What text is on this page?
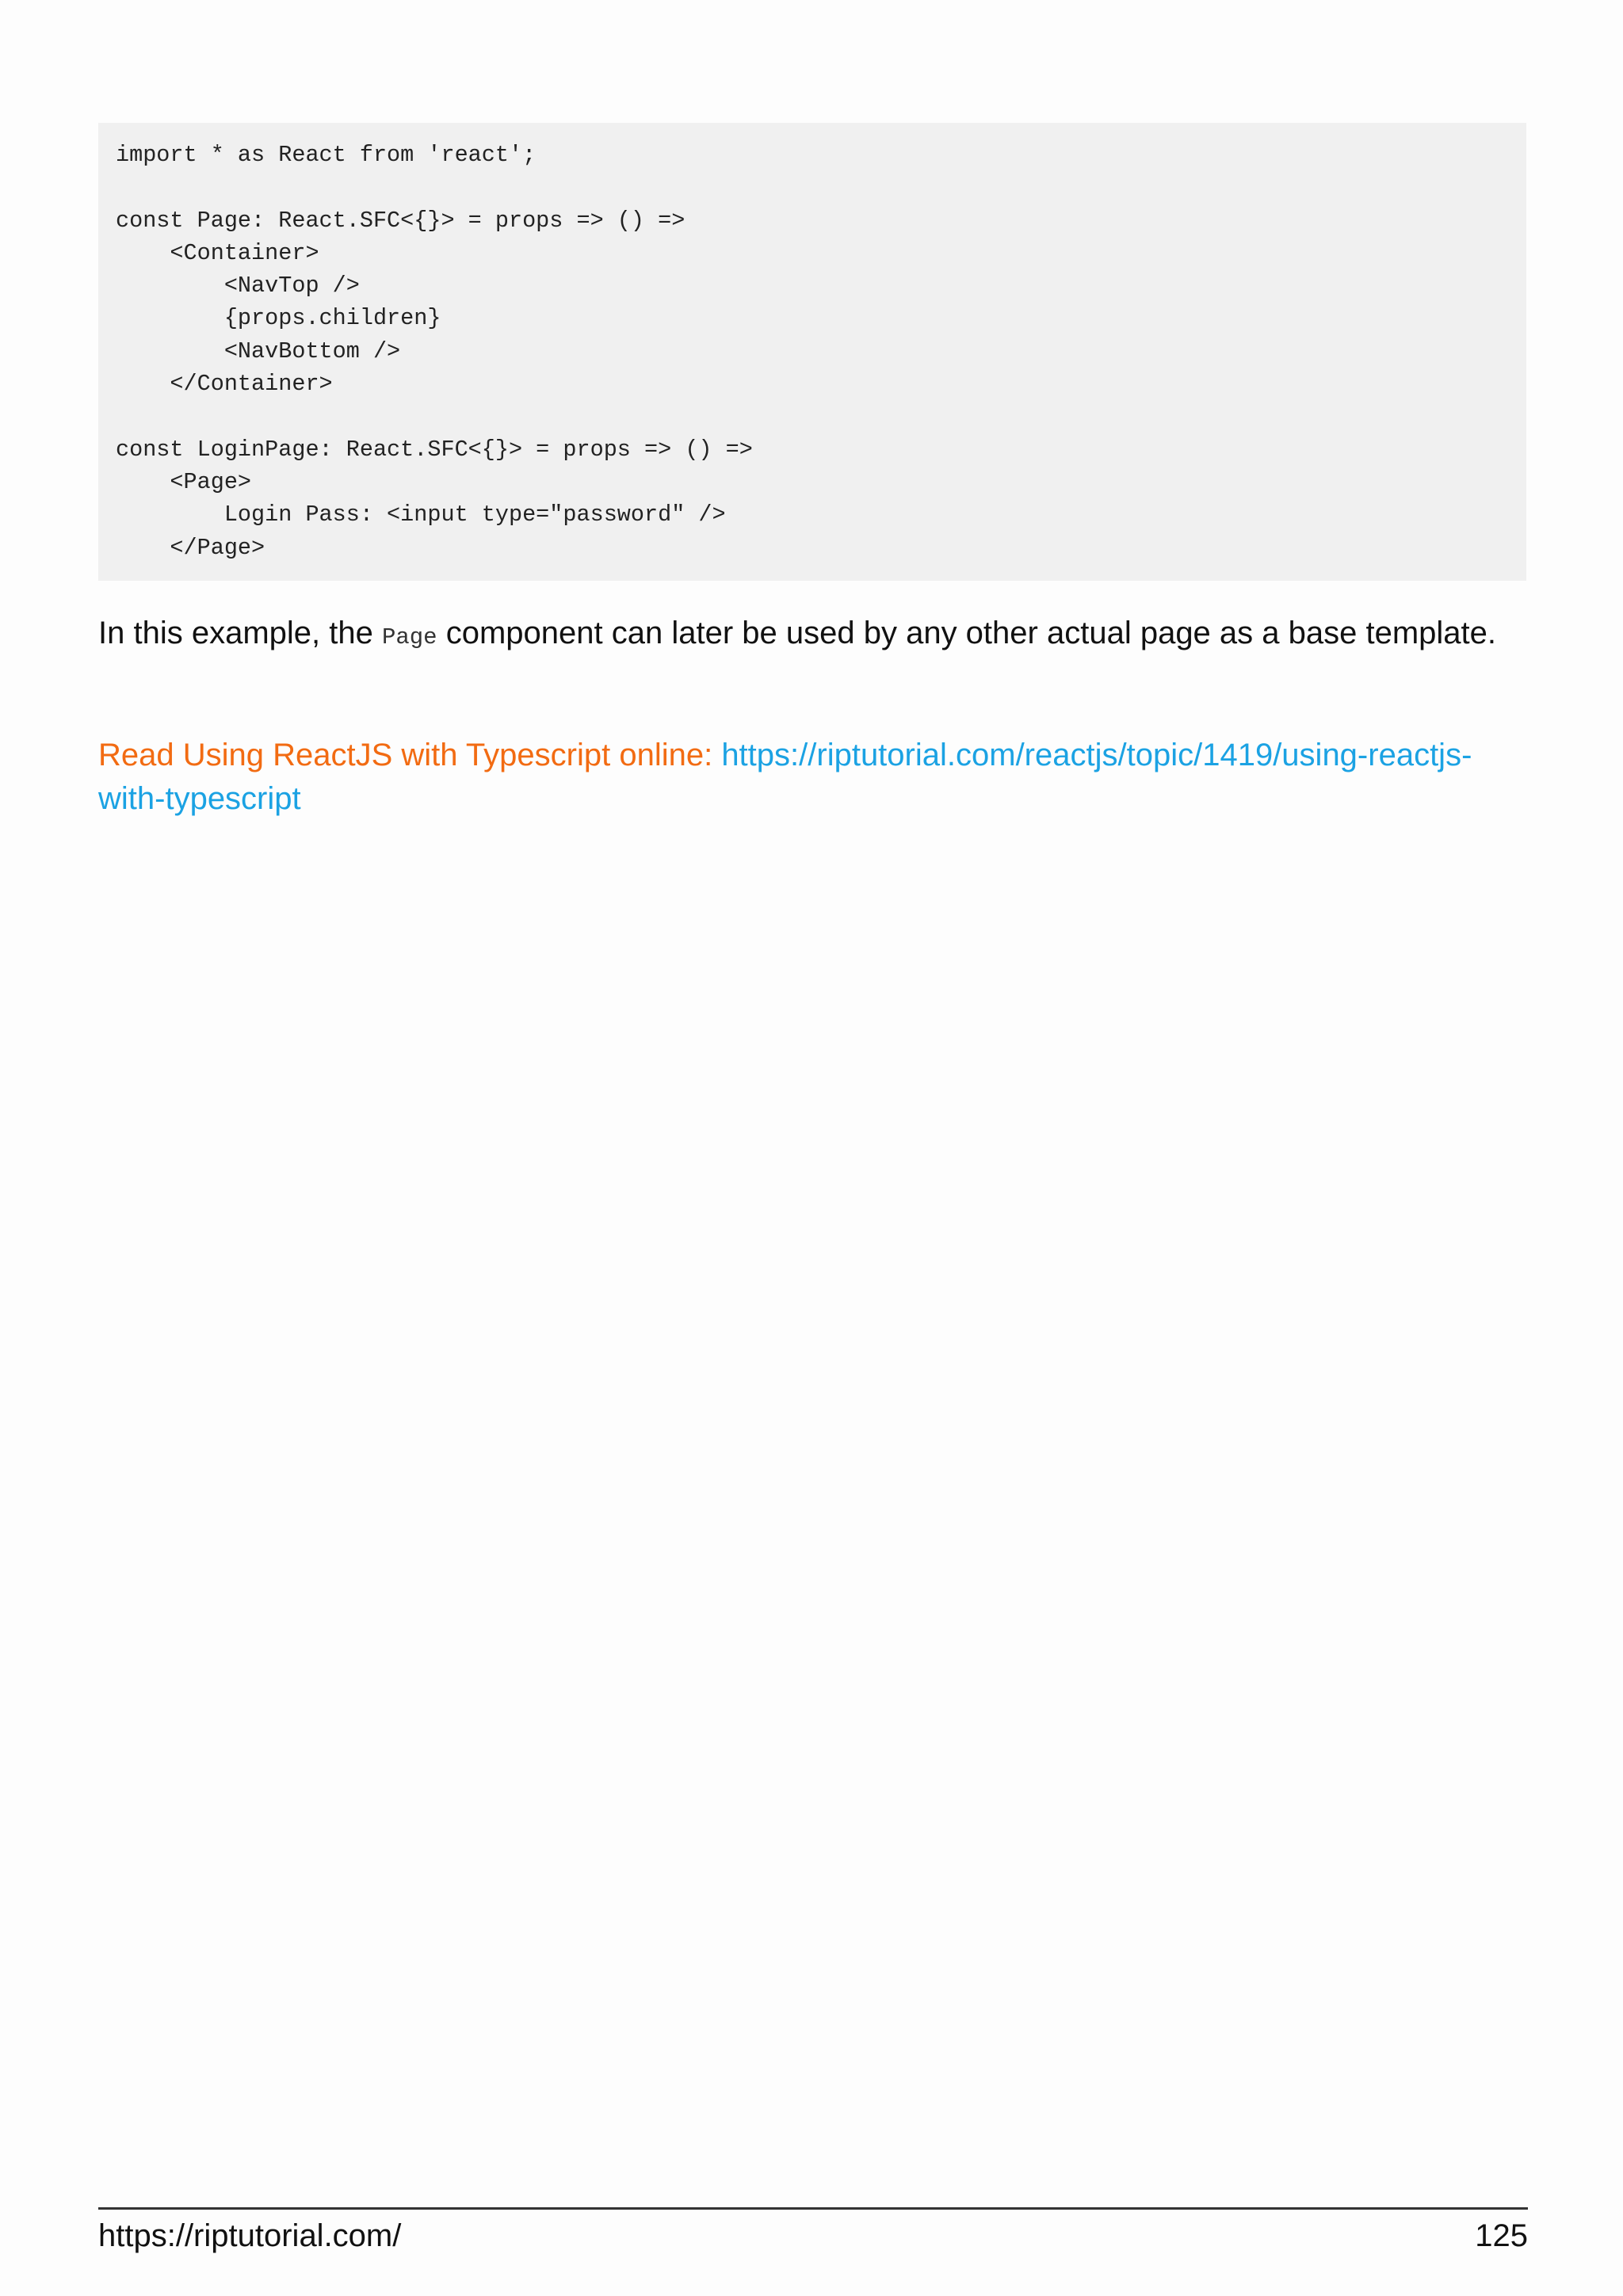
import * as React from 'react';
const Page: React.SFC<{}> = props => () =>
<Container>
<NavTop />
{props.children}
<NavBottom />
</Container>
const LoginPage: React.SFC<{}> = props => () =>
<Page>
Login Pass: <input type="password" />
</Page>

In this example, the Page component can later be used by any other actual page as a base template.

Read Using ReactJS with Typescript online: https://riptutorial.com/reactjs/topic/1419/using-reactjs-with-typescript

https://riptutorial.com/	125
